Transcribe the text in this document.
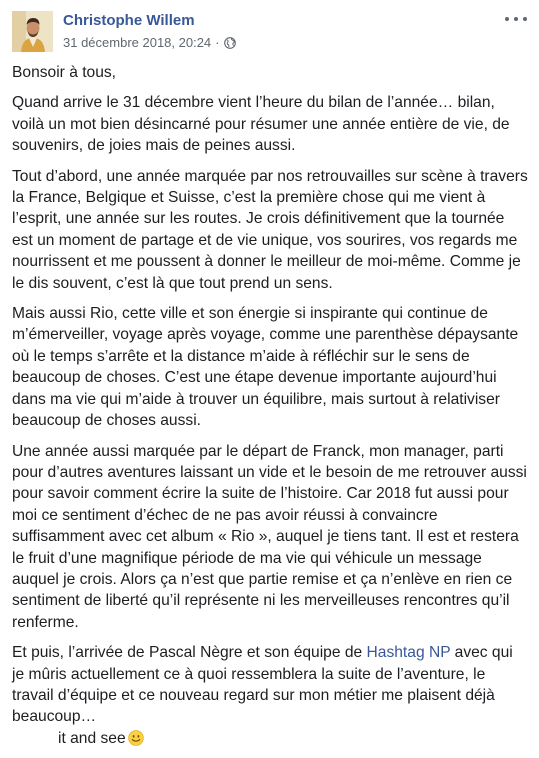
Christophe Willem
31 décembre 2018, 20:24 ·

Bonsoir à tous,

Quand arrive le 31 décembre vient l’heure du bilan de l’année… bilan, voilà un mot bien désincarné pour résumer une année entière de vie, de souvenirs, de joies mais de peines aussi.

Tout d’abord, une année marquée par nos retrouvailles sur scène à travers la France, Belgique et Suisse, c’est la première chose qui me vient à l’esprit, une année sur les routes. Je crois définitivement que la tournée est un moment de partage et de vie unique, vos sourires, vos regards me nourrissent et me poussent à donner le meilleur de moi-même. Comme je le dis souvent, c’est là que tout prend un sens.

Mais aussi Rio, cette ville et son énergie si inspirante qui continue de m’émerveiller, voyage après voyage, comme une parenthèse dépaysante où le temps s’arrête et la distance m’aide à réfléchir sur le sens de beaucoup de choses. C’est une étape devenue importante aujourd’hui dans ma vie qui m’aide à trouver un équilibre, mais surtout à relativiser beaucoup de choses aussi.

Une année aussi marquée par le départ de Franck, mon manager, parti pour d’autres aventures laissant un vide et le besoin de me retrouver aussi pour savoir comment écrire la suite de l’histoire. Car 2018 fut aussi pour moi ce sentiment d’échec de ne pas avoir réussi à convaincre suffisamment avec cet album « Rio », auquel je tiens tant. Il est et restera le fruit d’une magnifique période de ma vie qui véhicule un message auquel je crois. Alors ça n’est que partie remise et ça n’enlève en rien ce sentiment de liberté qu’il représente ni les merveilleuses rencontres qu’il renferme.

Et puis, l’arrivée de Pascal Nègre et son équipe de Hashtag NP avec qui je mûris actuellement ce à quoi ressemblera la suite de l’aventure, le travail d’équipe et ce nouveau regard sur mon métier me plaisent déjà beaucoup…
it and see
